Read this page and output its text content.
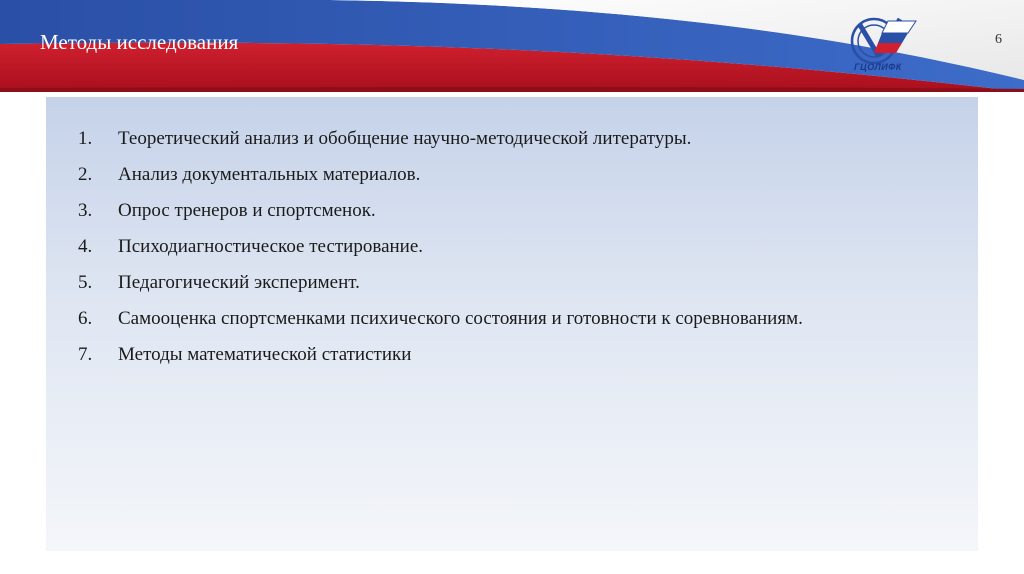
Методы исследования	6
ГЦОЛИФК
1.	Теоретический анализ и обобщение научно-методической литературы.
2.	Анализ документальных материалов.
3.	Опрос тренеров и спортсменок.
4.	Психодиагностическое тестирование.
5.	Педагогический эксперимент.
6.	Самооценка спортсменками психического состояния и готовности к соревнованиям.
7.	Методы математической статистики
